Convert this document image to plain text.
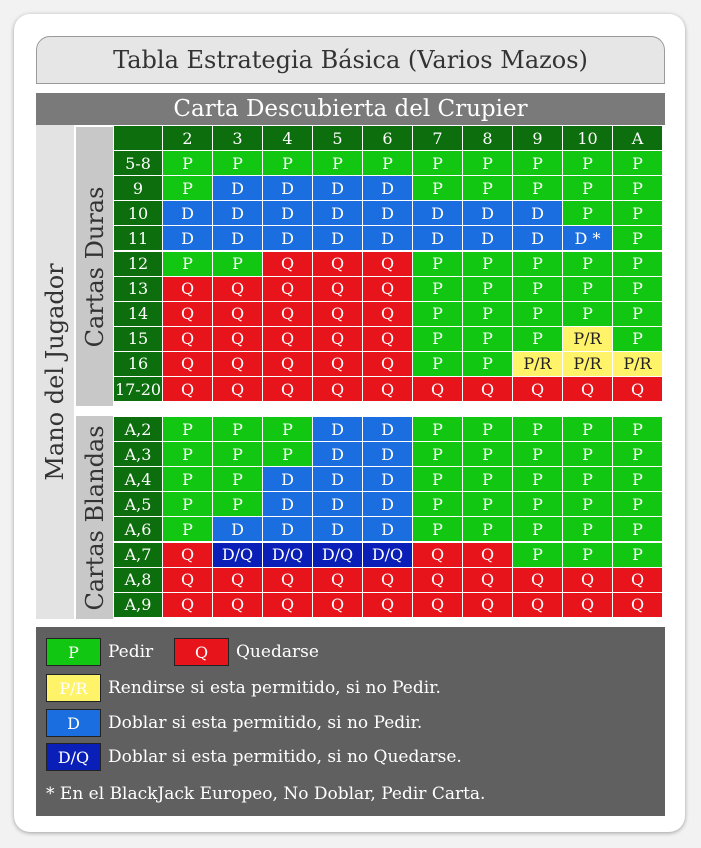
Tabla Estrategia Básica (Varios Mazos)
Carta Descubierta del Crupier
Mano del Jugador Cartas Duras
Cartas Blandas
2	3	4	5	6	7	8	9	10	A
5-8	P	P	P	P	P	P	P	P	P	P
9	P	D	D	D	D	P	P	P	P	P
10	D	D	D	D	D	D	D	D	P	P
11	D	D	D	D	D	D	D	D	D *	P
12	P	P	Q	Q	Q	P	P	P	P	P
13	Q	Q	Q	Q	Q	P	P	P	P	P
14	Q	Q	Q	Q	Q	P	P	P	P	P
15	Q	Q	Q	Q	Q	P	P	P	P/R	P
16	Q	Q	Q	Q	Q	P	P	P/R	P/R	P/R
17-20	Q	Q	Q	Q	Q	Q	Q	Q	Q	Q
A,2	P	P	P	D	D	P	P	P	P	P
A,3	P	P	P	D	D	P	P	P	P	P
A,4	P	P	D	D	D	P	P	P	P	P
A,5	P	P	D	D	D	P	P	P	P	P
A,6	P	D	D	D	D	P	P	P	P	P
A,7	Q	D/Q	D/Q	D/Q	D/Q	Q	Q	P	P	P
A,8	Q	Q	Q	Q	Q	Q	Q	Q	Q	Q
A,9	Q	Q	Q	Q	Q	Q	Q	Q	Q	Q
P Pedir	Q Quedarse
P/R Rendirse si esta permitido, si no Pedir.
D Doblar si esta permitido, si no Pedir.
D/Q Doblar si esta permitido, si no Quedarse.
* En el BlackJack Europeo, No Doblar, Pedir Carta.
